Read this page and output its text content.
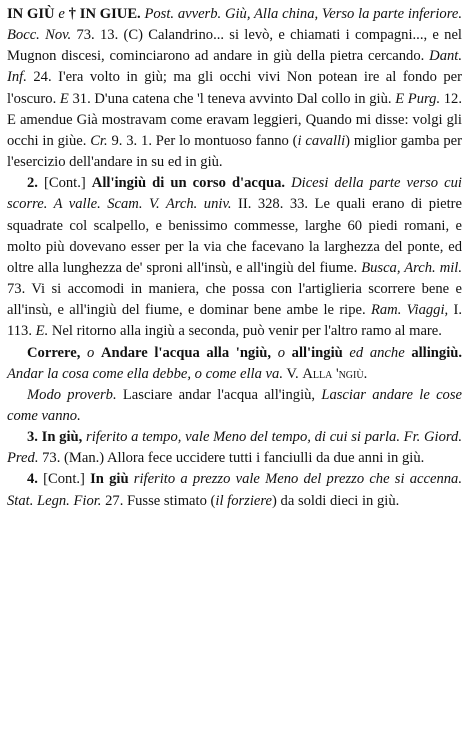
IN GIÙ e † IN GIUE. Post. avverb. Giù, Alla china, Verso la parte inferiore. Bocc. Nov. 73. 13. (C) Calandrino... si levò, e chiamati i compagni..., e nel Mugnon discesi, cominciarono ad andare in giù della pietra cercando. Dant. Inf. 24. I'era volto in giù; ma gli occhi vivi Non potean ire al fondo per l'oscuro. E 31. D'una catena che 'l teneva avvinto Dal collo in giù. E Purg. 12. E amendue Già mostravam come eravam leggieri, Quando mi disse: volgi gli occhi in giùe. Cr. 9. 3. 1. Per lo montuoso fanno (i cavalli) miglior gamba per l'esercizio dell'andare in su ed in giù.

2. [Cont.] All'ingiù di un corso d'acqua. Dicesi della parte verso cui scorre. A valle. Scam. V. Arch. univ. II. 328. 33. Le quali erano di pietre squadrate col scalpello, e benissimo commesse, larghe 60 piedi romani, e molto più dovevano esser per la via che facevano la larghezza del ponte, ed oltre alla lunghezza de' sproni all'insù, e all'ingiù del fiume. Busca, Arch. mil. 73. Vi si accomodi in maniera, che possa con l'artiglieria scorrere bene e all'insù, e all'ingiù del fiume, e dominar bene ambe le ripe. Ram. Viaggi, I. 113. E. Nel ritorno alla ingiù a seconda, può venir per l'altro ramo al mare.

Correre, o Andare l'acqua alla 'ngiù, o all'ingiù ed anche allingiù. Andar la cosa come ella debbe, o come ella va. V. Alla 'ngiù.

Modo proverb. Lasciare andar l'acqua all'ingiù, Lasciar andare le cose come vanno.

3. In giù, riferito a tempo, vale Meno del tempo, di cui si parla. Fr. Giord. Pred. 73. (Man.) Allora fece uccidere tutti i fanciulli da due anni in giù.

4. [Cont.] In giù riferito a prezzo vale Meno del prezzo che si accenna. Stat. Legn. Fior. 27. Fusse stimato (il forziere) da soldi dieci in giù.
